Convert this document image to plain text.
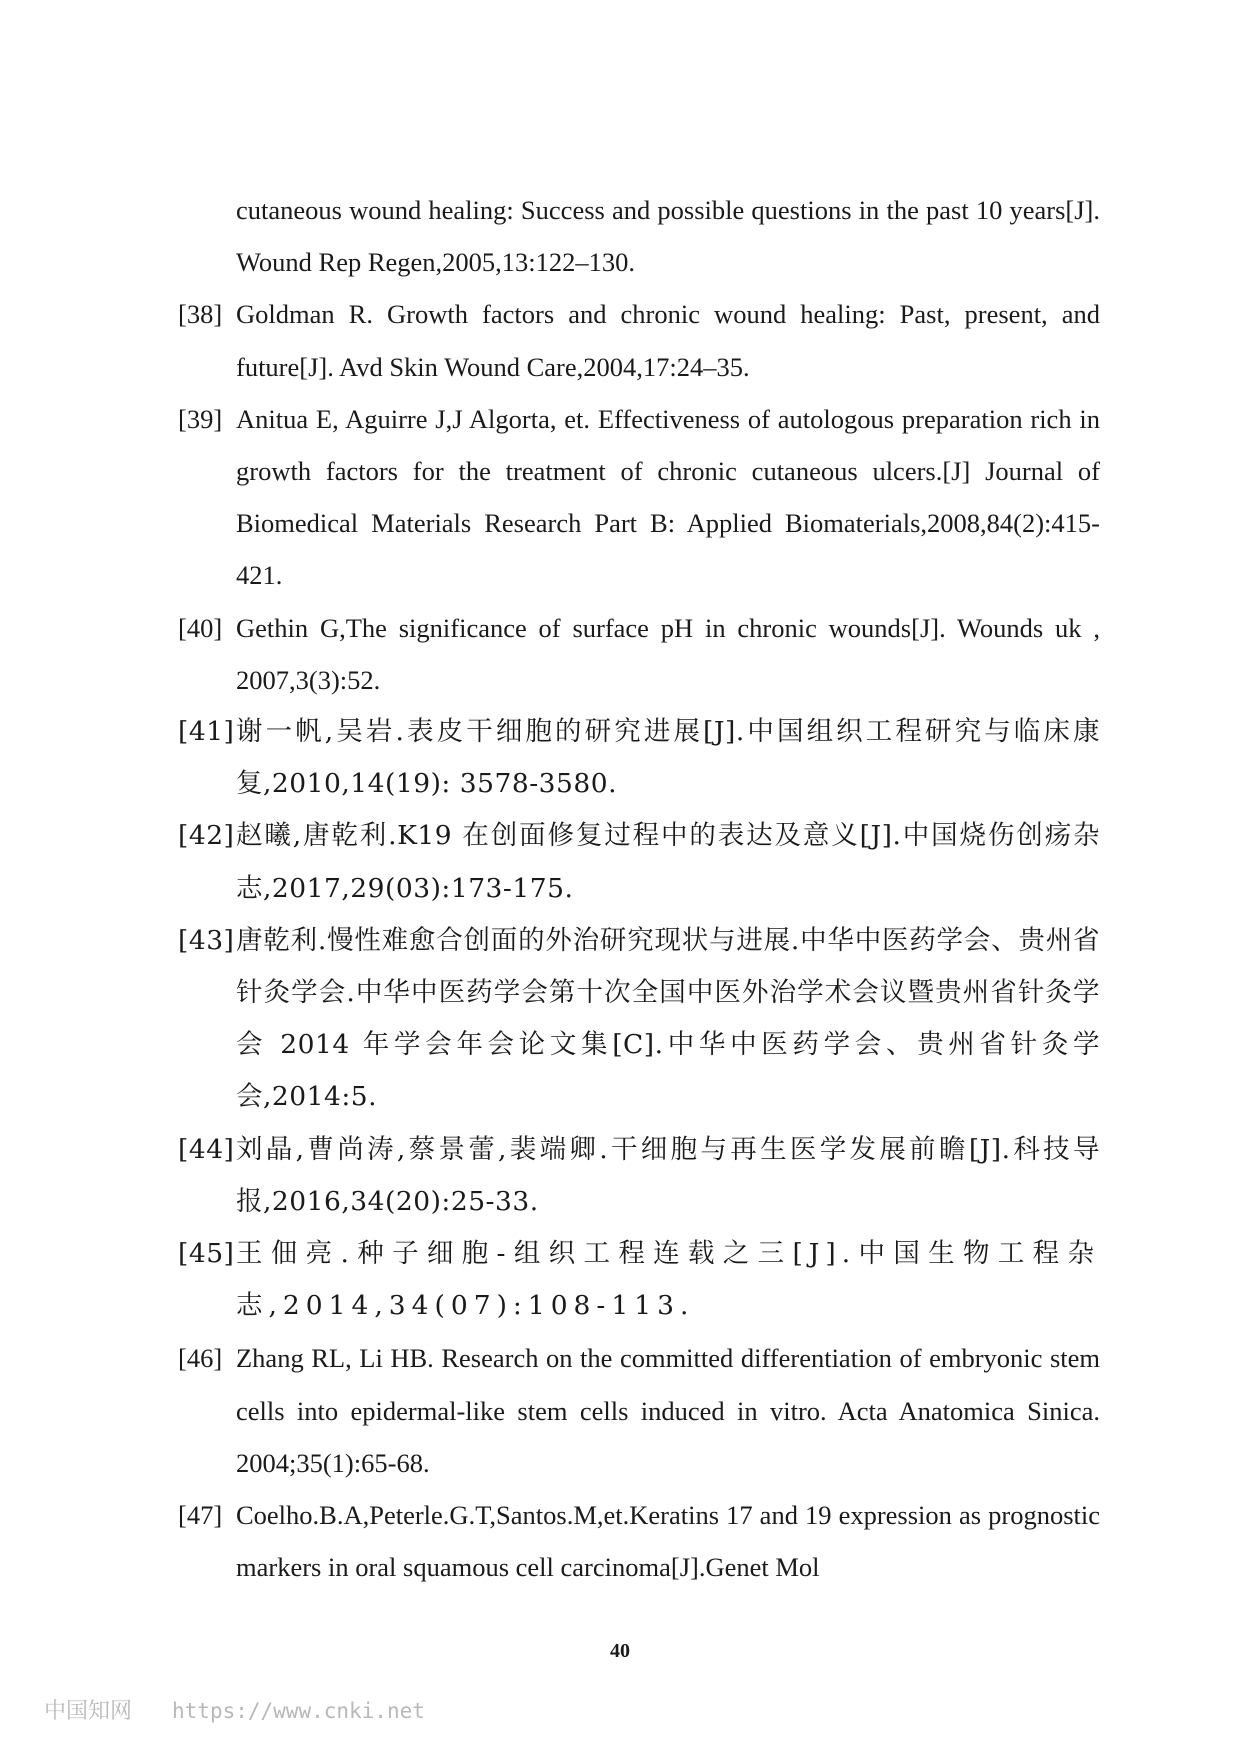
cutaneous wound healing: Success and possible questions in the past 10 years[J]. Wound Rep Regen,2005,13:122–130.
[38] Goldman R. Growth factors and chronic wound healing: Past, present, and future[J]. Avd Skin Wound Care,2004,17:24–35.
[39] Anitua E, Aguirre J,J Algorta, et. Effectiveness of autologous preparation rich in growth factors for the treatment of chronic cutaneous ulcers.[J] Journal of Biomedical Materials Research Part B: Applied Biomaterials,2008,84(2):415-421.
[40] Gethin G,The significance of surface pH in chronic wounds[J]. Wounds uk , 2007,3(3):52.
[41] 谢一帆,吴岩.表皮干细胞的研究进展[J].中国组织工程研究与临床康复,2010,14(19): 3578-3580.
[42] 赵曦,唐乾利.K19 在创面修复过程中的表达及意义[J].中国烧伤创疡杂志,2017,29(03):173-175.
[43] 唐乾利.慢性难愈合创面的外治研究现状与进展.中华中医药学会、贵州省针灸学会.中华中医药学会第十次全国中医外治学术会议暨贵州省针灸学会 2014 年学会年会论文集[C].中华中医药学会、贵州省针灸学会,2014:5.
[44] 刘晶,曹尚涛,蔡景蕾,裴端卿.干细胞与再生医学发展前瞻[J].科技导报,2016,34(20):25-33.
[45] 王佃亮.种子细胞-组织工程连载之三[J].中国生物工程杂志,2014,34(07):108-113.
[46] Zhang RL, Li HB. Research on the committed differentiation of embryonic stem cells into epidermal-like stem cells induced in vitro. Acta Anatomica Sinica. 2004;35(1):65-68.
[47] Coelho.B.A,Peterle.G.T,Santos.M,et.Keratins 17 and 19 expression as prognostic markers in oral squamous cell carcinoma[J].Genet Mol
40
中国知网 https://www.cnki.net
